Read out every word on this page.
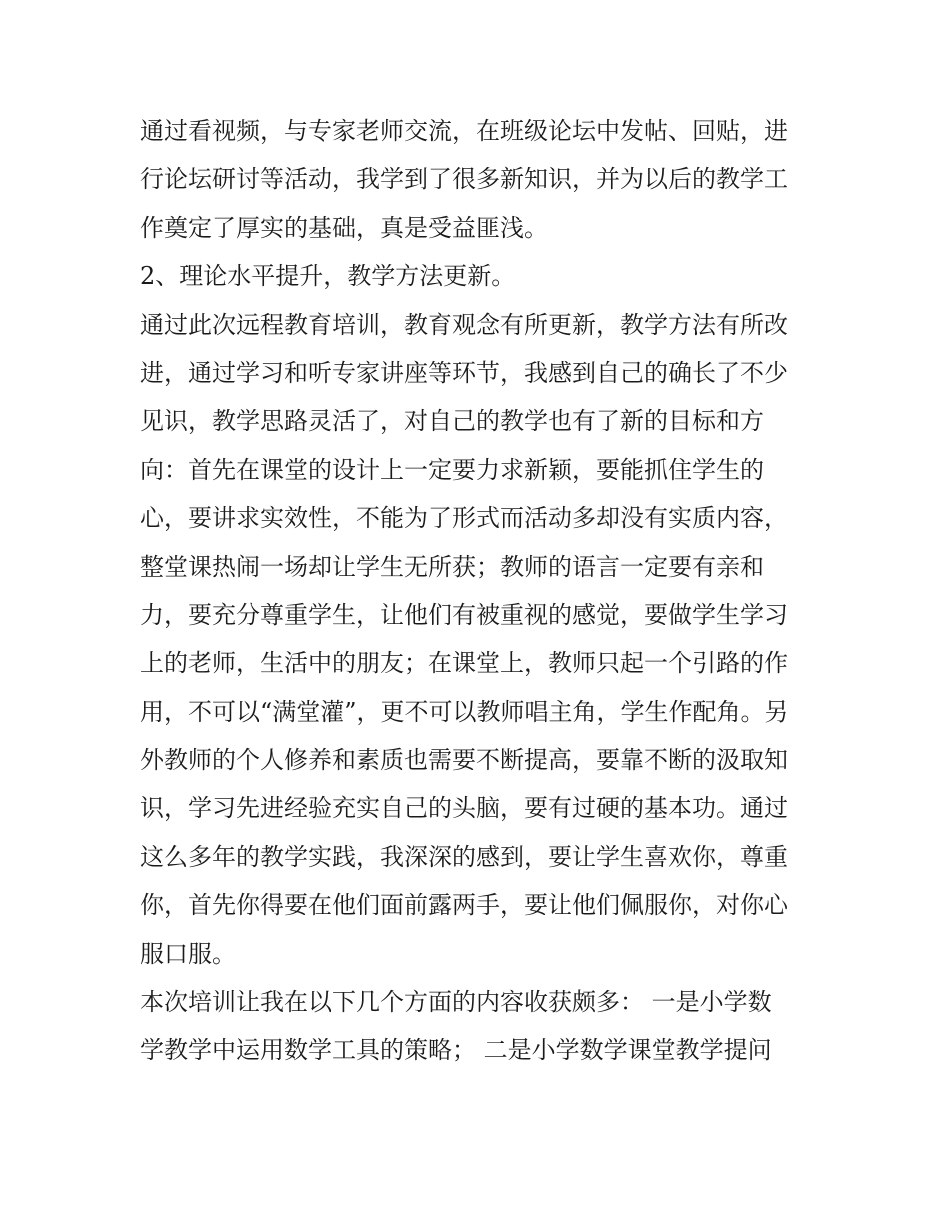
通过看视频，与专家老师交流，在班级论坛中发帖、回贴，进
行论坛研讨等活动，我学到了很多新知识，并为以后的教学工
作奠定了厚实的基础，真是受益匪浅。
2、理论水平提升，教学方法更新。
通过此次远程教育培训，教育观念有所更新，教学方法有所改
进，通过学习和听专家讲座等环节，我感到自己的确长了不少
见识，教学思路灵活了，对自己的教学也有了新的目标和方
向：首先在课堂的设计上一定要力求新颖，要能抓住学生的
心，要讲求实效性，不能为了形式而活动多却没有实质内容，
整堂课热闹一场却让学生无所获；教师的语言一定要有亲和
力，要充分尊重学生，让他们有被重视的感觉，要做学生学习
上的老师，生活中的朋友；在课堂上，教师只起一个引路的作
用，不可以“满堂灌”，更不可以教师唱主角，学生作配角。另
外教师的个人修养和素质也需要不断提高，要靠不断的汲取知
识，学习先进经验充实自己的头脑，要有过硬的基本功。通过
这么多年的教学实践，我深深的感到，要让学生喜欢你，尊重
你，首先你得要在他们面前露两手，要让他们佩服你，对你心
服口服。
本次培训让我在以下几个方面的内容收获颇多： 一是小学数
学教学中运用数学工具的策略； 二是小学数学课堂教学提问
